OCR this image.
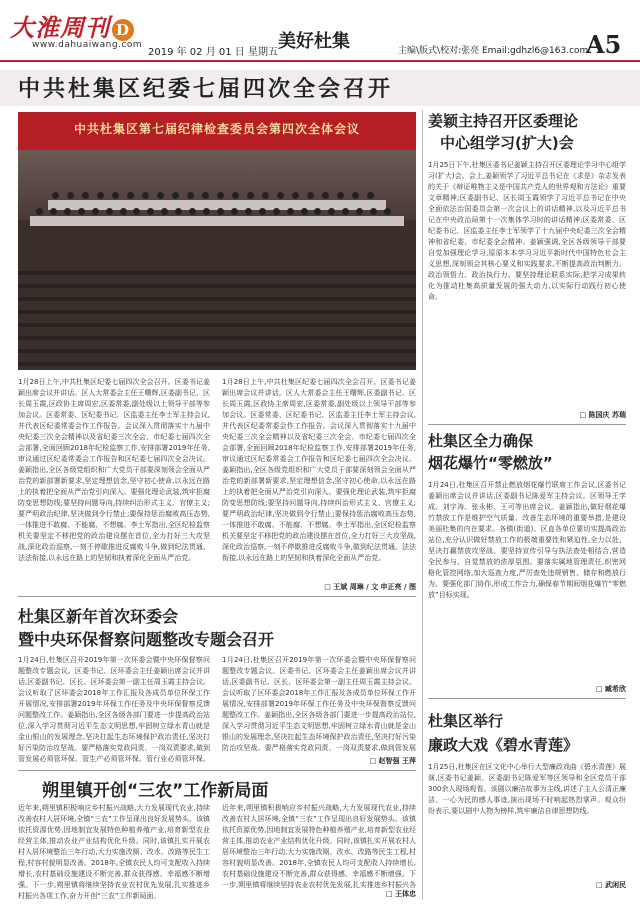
大淮周刊 D
www.dahuaiwang.com
2019 年 02 月 01 日 星期五
美好杜集	主编\版式\校对:张亮 Email:gdhzl6@163.com
A5
中共杜集区纪委七届四次全会召开
中共杜集区第七届纪律检查委员会第四次全体会议
1月28日上午,中共杜集区纪委七届四次全会召开。区委书记姜颖出席会议并讲话。区人大常委会主任王曙辉,区委副书记、区长周玉霞,区政协主席周宏,区委常委,副处级以上领导干部等参加会议。区委常委、区纪委书记、区监委主任李士军主持会议,并代表区纪委常委会作工作报告。会议深入贯彻落实十九届中央纪委三次全会精神以及省纪委三次全会、市纪委七届四次全会部署,全面回顾2018年纪检监察工作,安排部署2019年任务,审议通过区纪委常委会工作报告和区纪委七届四次全会决议。姜颖指出,全区各级党组织和广大党员干部要深刻领会全面从严治党的新部署新要求,坚定理想信念,坚守初心使命,以永远在路上的执着把全面从严治党引向深入。要强化理论武装,筑牢拒腐防变思想防线;要坚持问题导向,持续纠治形式主义、官僚主义;要严明政治纪律,坚决做到令行禁止;要保持惩治腐败高压态势,一体推进不敢腐、不能腐、不想腐。李士军指出,全区纪检监察机关要坚定不移把党的政治建设摆在首位,全力打好三大攻坚战,深化政治巡察,一刻不停歇推进反腐败斗争,做到纪法贯通、法法衔接,以永远在路上的坚韧和执着深化全面从严治党。
1月28日上午,中共杜集区纪委七届四次全会召开。区委书记姜颖出席会议并讲话。区人大常委会主任王曙辉,区委副书记、区长周玉霞,区政协主席周宏,区委常委,副处级以上领导干部等参加会议。区委常委、区纪委书记、区监委主任李士军主持会议,并代表区纪委常委会作工作报告。会议深入贯彻落实十九届中央纪委三次全会精神以及省纪委三次全会、市纪委七届四次全会部署,全面回顾2018年纪检监察工作,安排部署2019年任务,审议通过区纪委常委会工作报告和区纪委七届四次全会决议。姜颖指出,全区各级党组织和广大党员干部要深刻领会全面从严治党的新部署新要求,坚定理想信念,坚守初心使命,以永远在路上的执着把全面从严治党引向深入。要强化理论武装,筑牢拒腐防变思想防线;要坚持问题导向,持续纠治形式主义、官僚主义;要严明政治纪律,坚决做到令行禁止;要保持惩治腐败高压态势,一体推进不敢腐、不能腐、不想腐。李士军指出,全区纪检监察机关要坚定不移把党的政治建设摆在首位,全力打好三大攻坚战,深化政治巡察,一刻不停歇推进反腐败斗争,做到纪法贯通、法法衔接,以永远在路上的坚韧和执着深化全面从严治党。
□ 王斌 周琳 / 文 申正亮 / 图
杜集区新年首次环委会
暨中央环保督察问题整改专题会召开
1月24日,杜集区召开2019年第一次环委会暨中央环保督察问题整改专题会议。区委书记、区环委会主任姜颖出席会议并讲话,区委副书记、区长、区环委会第一副主任周玉霞主持会议。会议听取了区环委会2018年工作汇报及各成员单位环保工作开展情况,安排部署2019年环保工作任务及中央环保督察反馈问题整改工作。姜颖指出,全区各级各部门要进一步提高政治站位,深入学习贯彻习近平生态文明思想,牢固树立绿水青山就是金山银山的发展理念,坚决扛起生态环境保护政治责任,坚决打好污染防治攻坚战。要严格落实党政同责、一岗双责要求,做到管发展必须管环保、管生产必须管环保、管行业必须管环保。
1月24日,杜集区召开2019年第一次环委会暨中央环保督察问题整改专题会议。区委书记、区环委会主任姜颖出席会议并讲话,区委副书记、区长、区环委会第一副主任周玉霞主持会议。会议听取了区环委会2018年工作汇报及各成员单位环保工作开展情况,安排部署2019年环保工作任务及中央环保督察反馈问题整改工作。姜颖指出,全区各级各部门要进一步提高政治站位,深入学习贯彻习近平生态文明思想,牢固树立绿水青山就是金山银山的发展理念,坚决扛起生态环境保护政治责任,坚决打好污染防治攻坚战。要严格落实党政同责、一岗双责要求,做到管发展
□ 赵智强 王萍
朔里镇开创“三农”工作新局面
近年来,朔里镇积极响应乡村振兴战略,大力发展现代农业,持续改善农村人居环境,全镇“三农”工作呈现出良好发展势头。该镇依托资源优势,因地制宜发展特色种植养殖产业,培育新型农业经营主体,推动农业产业结构优化升级。同时,该镇扎实开展农村人居环境整治三年行动,大力实施改厕、改水、改路等民生工程,村容村貌明显改善。2018年,全镇农民人均可支配收入持续增长,农村基础设施建设不断完善,群众获得感、幸福感不断增强。下一步,朔里镇将继续坚持农业农村优先发展,扎实推进乡村振兴各项工作,奋力开创“三农”工作新局面。
近年来,朔里镇积极响应乡村振兴战略,大力发展现代农业,持续改善农村人居环境,全镇“三农”工作呈现出良好发展势头。该镇依托资源优势,因地制宜发展特色种植养殖产业,培育新型农业经营主体,推动农业产业结构优化升级。同时,该镇扎实开展农村人居环境整治三年行动,大力实施改厕、改水、改路等民生工程,村容村貌明显改善。2018年,全镇农民人均可支配收入持续增长,农村基础设施建设不断完善,群众获得感、幸福感不断增强。下一步,朔里镇将继续坚持农业农村优先发展,扎实推进乡村振兴各
□ 王体忠
姜颖主持召开区委理论
中心组学习(扩大)会
1月25日下午,杜集区委书记姜颖主持召开区委理论学习中心组学习(扩大)会。会上,姜颖领学了习近平总书记在《求是》杂志发表的关于《辩证唯物主义是中国共产党人的世界观和方法论》重要文章精神;区委副书记、区长周玉霞领学了习近平总书记在中央全面依法治国委员会第一次会议上的讲话精神,以及习近平总书记在中央政治局第十一次集体学习时的讲话精神;区委常委、区纪委书记、区监委主任李士军领学了十九届中央纪委三次全会精神和省纪委、市纪委全会精神。姜颖强调,全区各级领导干部要自觉加强理论学习,原原本本学习习近平新时代中国特色社会主义思想,深刻领会其核心要义和实践要求,不断提高政治判断力、政治领悟力、政治执行力。要坚持理论联系实际,把学习成果转化为推动杜集高质量发展的强大动力,以实际行动践行初心使命。
□ 陈国庆 苏瑞
杜集区全力确保
烟花爆竹“零燃放”
1月24日,杜集区召开禁止燃放烟花爆竹联席工作会议,区委书记姜颖出席会议并讲话,区委副书记陈爱军主持会议。区领导王学成、刘宇涛、张永彬、王可等出席会议。姜颖指出,做好烟花爆竹禁放工作是维护空气质量、改善生态环境的重要举措,是建设美丽杜集的内在要求。各镇(街道)、区直各单位要切实提高政治站位,充分认识做好禁放工作的极端重要性和紧迫性,全力以赴、坚决打赢禁放攻坚战。要坚持宣传引导与执法查处相结合,营造全民参与、自觉禁放的浓厚氛围。要落实属地管理责任,织密网格化管控网络,加大巡查力度,严厉查处违规销售、储存和燃放行为。要强化部门协作,形成工作合力,确保春节期间烟花爆竹“零燃放”目标实现。
□ 臧希欣
杜集区举行
廉政大戏《碧水青莲》
1月25日,杜集区在区文化中心举行大型廉政戏曲《碧水青莲》展演,区委书记姜颖、区委副书记陈爱军等区领导和全区党员干部300余人现场观看。该剧以廉洁故事为主线,讲述了主人公清正廉洁、一心为民的感人事迹,演出现场不时响起热烈掌声。观众纷纷表示,要以剧中人物为榜样,筑牢廉洁自律思想防线。
□ 武闲民
